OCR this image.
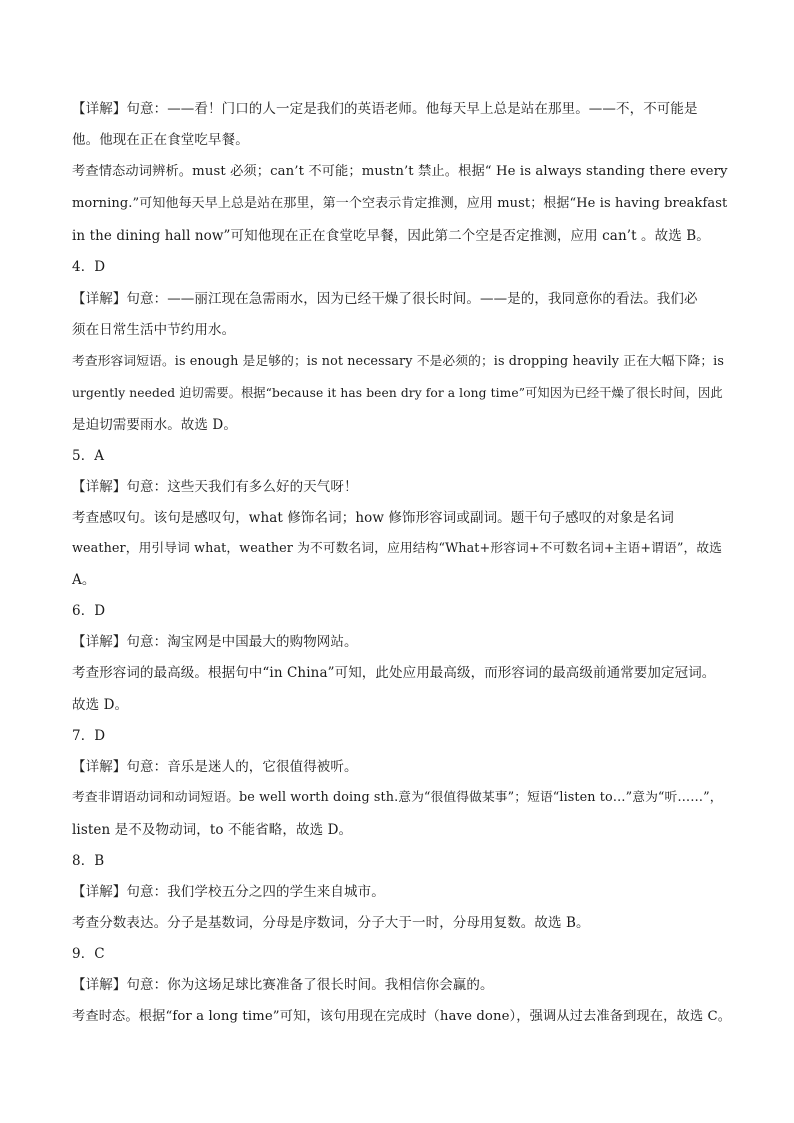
【详解】句意：——看！门口的人一定是我们的英语老师。他每天早上总是站在那里。——不，不可能是
他。他现在正在食堂吃早餐。
考查情态动词辨析。must 必须；can’t 不可能；mustn’t 禁止。根据“ He is always standing there every
morning.”可知他每天早上总是站在那里，第一个空表示肯定推测，应用 must；根据“He is having breakfast
in the dining hall now”可知他现在正在食堂吃早餐，因此第二个空是否定推测，应用 can’t 。故选 B。
4．D
【详解】句意：——丽江现在急需雨水，因为已经干燥了很长时间。——是的，我同意你的看法。我们必
须在日常生活中节约用水。
考查形容词短语。is enough 是足够的；is not necessary 不是必须的；is dropping heavily 正在大幅下降；is
urgently needed 迫切需要。根据“because it has been dry for a long time”可知因为已经干燥了很长时间，因此
是迫切需要雨水。故选 D。
5．A
【详解】句意：这些天我们有多么好的天气呀！
考查感叹句。该句是感叹句，what 修饰名词；how 修饰形容词或副词。题干句子感叹的对象是名词
weather，用引导词 what，weather 为不可数名词，应用结构“What+形容词+不可数名词+主语+谓语”，故选
A。
6．D
【详解】句意：淘宝网是中国最大的购物网站。
考查形容词的最高级。根据句中“in China”可知，此处应用最高级，而形容词的最高级前通常要加定冠词。
故选 D。
7．D
【详解】句意：音乐是迷人的，它很值得被听。
考查非谓语动词和动词短语。be well worth doing sth.意为“很值得做某事”；短语“listen to…”意为“听……”，
listen 是不及物动词，to 不能省略，故选 D。
8．B
【详解】句意：我们学校五分之四的学生来自城市。
考查分数表达。分子是基数词，分母是序数词，分子大于一时，分母用复数。故选 B。
9．C
【详解】句意：你为这场足球比赛准备了很长时间。我相信你会赢的。
考查时态。根据“for a long time”可知，该句用现在完成时（have done），强调从过去准备到现在，故选 C。
